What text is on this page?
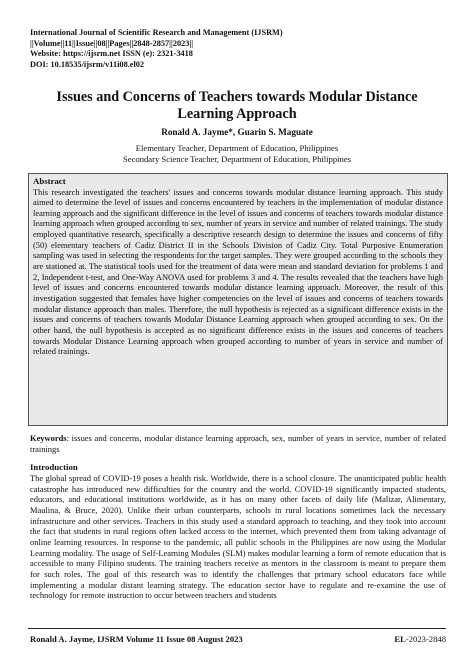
International Journal of Scientific Research and Management (IJSRM)
||Volume||11||Issue||08||Pages||2848-2857||2023||
Website: https://ijsrm.net ISSN (e): 2321-3418
DOI: 10.18535/ijsrm/v11i08.el02
Issues and Concerns of Teachers towards Modular Distance Learning Approach
Ronald A. Jayme*, Guarin S. Maguate
Elementary Teacher, Department of Education, Philippines
Secondary Science Teacher, Department of Education, Philippines
Abstract
This research investigated the teachers' issues and concerns towards modular distance learning approach. This study aimed to determine the level of issues and concerns encountered by teachers in the implementation of modular distance learning approach and the significant difference in the level of issues and concerns of teachers towards modular distance learning approach when grouped according to sex, number of years in service and number of related trainings. The study employed quantitative research, specifically a descriptive research design to determine the issues and concerns of fifty (50) elementary teachers of Cadiz District II in the Schools Division of Cadiz City. Total Purposive Enumeration sampling was used in selecting the respondents for the target samples. They were grouped according to the schools they are stationed at. The statistical tools used for the treatment of data were mean and standard deviation for problems 1 and 2, Independent t-test, and One-Way ANOVA used for problems 3 and 4. The results revealed that the teachers have high level of issues and concerns encountered towards modular distance learning approach. Moreover, the result of this investigation suggested that females have higher competencies on the level of issues and concerns of teachers towards modular distance approach than males. Therefore, the null hypothesis is rejected as a significant difference exists in the issues and concerns of teachers towards Modular Distance Learning approach when grouped according to sex. On the other hand, the null hypothesis is accepted as no significant difference exists in the issues and concerns of teachers towards Modular Distance Learning approach when grouped according to number of years in service and number of related trainings.
Keywords: issues and concerns, modular distance learning approach, sex, number of years in service, number of related trainings
Introduction
The global spread of COVID-19 poses a health risk. Worldwide, there is a school closure. The unanticipated public health catastrophe has introduced new difficulties for the country and the world. COVID-19 significantly impacted students, educators, and educational institutions worldwide, as it has on many other facets of daily life (Malizar, Alimentary, Maulina, & Bruce, 2020). Unlike their urban counterparts, schools in rural locations sometimes lack the necessary infrastructure and other services. Teachers in this study used a standard approach to teaching, and they took into account the fact that students in rural regions often lacked access to the internet, which prevented them from taking advantage of online learning resources. In response to the pandemic, all public schools in the Philippines are now using the Modular Learning modality. The usage of Self-Learning Modules (SLM) makes modular learning a form of remote education that is accessible to many Filipino students. The training teachers receive as mentors in the classroom is meant to prepare them for such roles. The goal of this research was to identify the challenges that primary school educators face while implementing a modular distant learning strategy. The education sector have to regulate and re-examine the use of technology for remote instruction to occur between teachers and students
Ronald A. Jayme, IJSRM Volume 11 Issue 08 August 2023	EL-2023-2848
